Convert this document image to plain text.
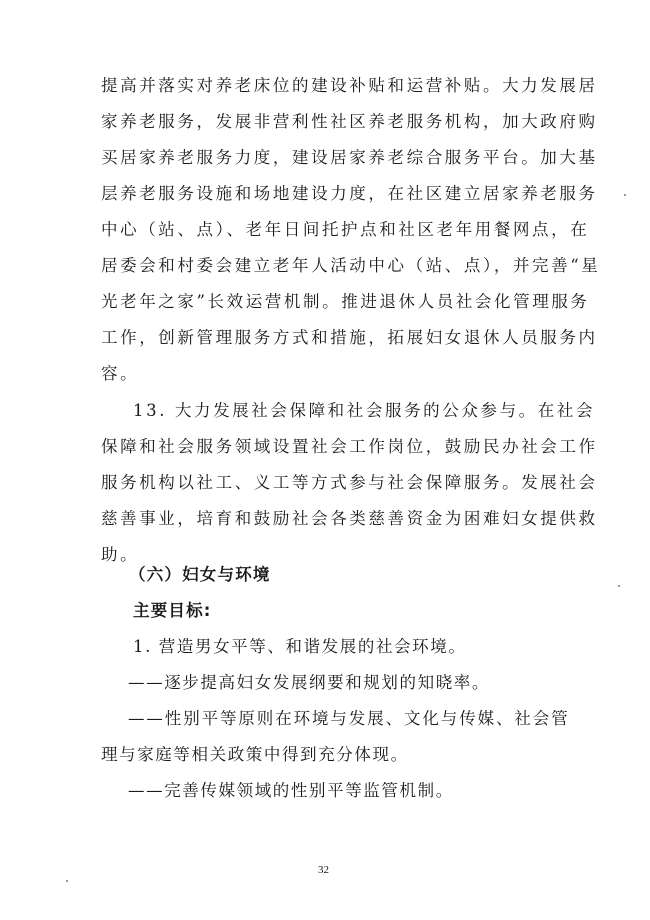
提高并落实对养老床位的建设补贴和运营补贴。大力发展居
家养老服务，发展非营利性社区养老服务机构，加大政府购
买居家养老服务力度，建设居家养老综合服务平台。加大基
层养老服务设施和场地建设力度，在社区建立居家养老服务
中心（站、点）、老年日间托护点和社区老年用餐网点，在
居委会和村委会建立老年人活动中心（站、点），并完善“星
光老年之家”长效运营机制。推进退休人员社会化管理服务
工作，创新管理服务方式和措施，拓展妇女退休人员服务内
容。
13. 大力发展社会保障和社会服务的公众参与。在社会
保障和社会服务领域设置社会工作岗位，鼓励民办社会工作
服务机构以社工、义工等方式参与社会保障服务。发展社会
慈善事业，培育和鼓励社会各类慈善资金为困难妇女提供救
助。
（六）妇女与环境
主要目标:
1. 营造男女平等、和谐发展的社会环境。
——逐步提高妇女发展纲要和规划的知晓率。
——性别平等原则在环境与发展、文化与传媒、社会管
理与家庭等相关政策中得到充分体现。
——完善传媒领域的性别平等监管机制。
32
